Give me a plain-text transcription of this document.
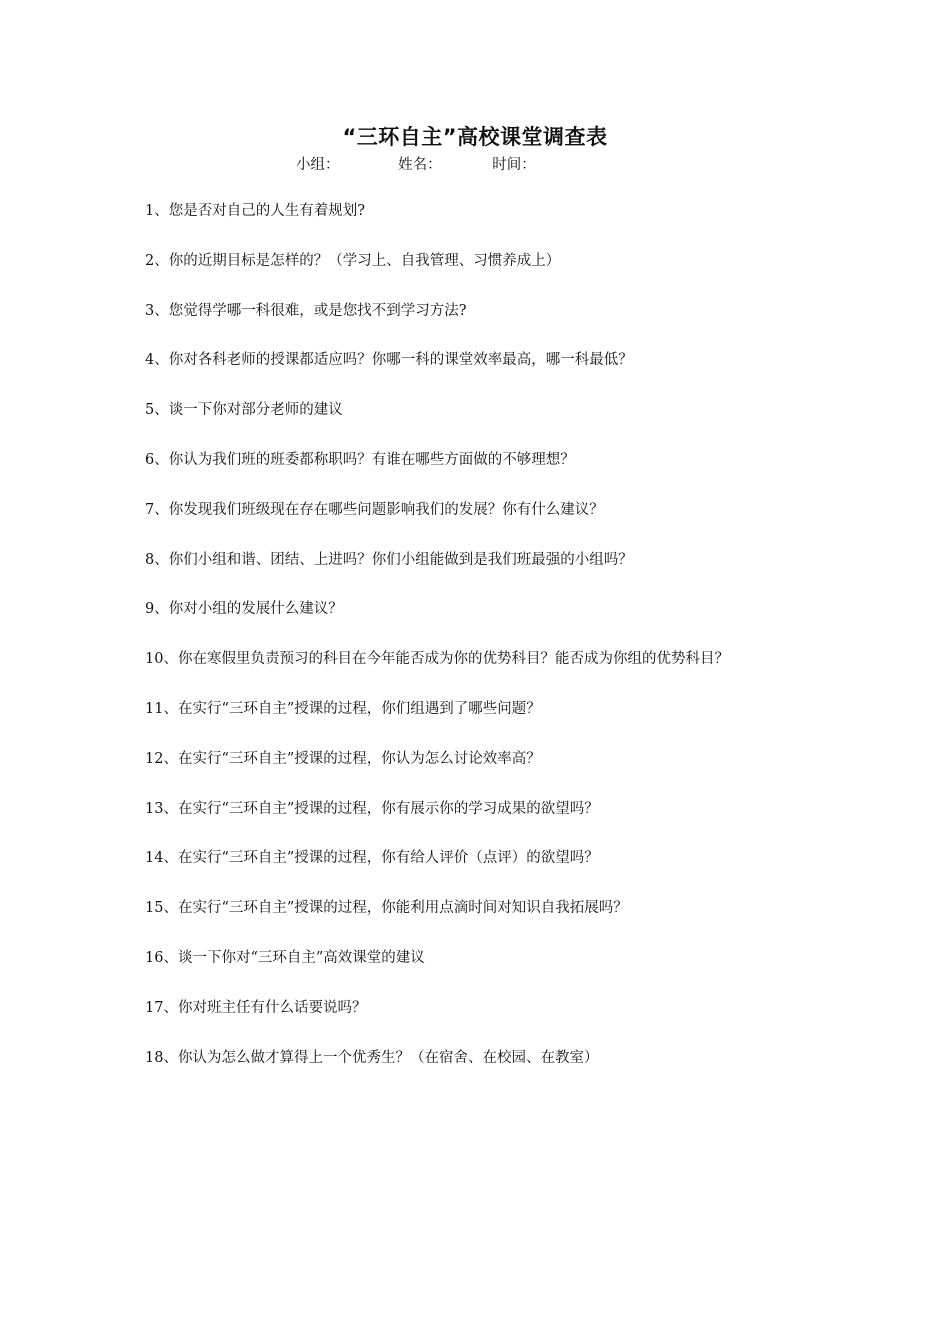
“三环自主”高校课堂调查表
小组：	姓名：	时间：
1、您是否对自己的人生有着规划?
2、你的近期目标是怎样的？（学习上、自我管理、习惯养成上）
3、您觉得学哪一科很难，或是您找不到学习方法?
4、你对各科老师的授课都适应吗？你哪一科的课堂效率最高，哪一科最低？
5、谈一下你对部分老师的建议
6、你认为我们班的班委都称职吗？有谁在哪些方面做的不够理想？
7、你发现我们班级现在存在哪些问题影响我们的发展？你有什么建议？
8、你们小组和谐、团结、上进吗？你们小组能做到是我们班最强的小组吗？
9、你对小组的发展什么建议？
10、你在寒假里负责预习的科目在今年能否成为你的优势科目？能否成为你组的优势科目？
11、在实行“三环自主”授课的过程，你们组遇到了哪些问题？
12、在实行“三环自主”授课的过程，你认为怎么讨论效率高？
13、在实行“三环自主”授课的过程，你有展示你的学习成果的欲望吗？
14、在实行“三环自主”授课的过程，你有给人评价（点评）的欲望吗？
15、在实行“三环自主”授课的过程，你能利用点滴时间对知识自我拓展吗？
16、谈一下你对“三环自主”高效课堂的建议
17、你对班主任有什么话要说吗？
18、你认为怎么做才算得上一个优秀生？（在宿舍、在校园、在教室）
